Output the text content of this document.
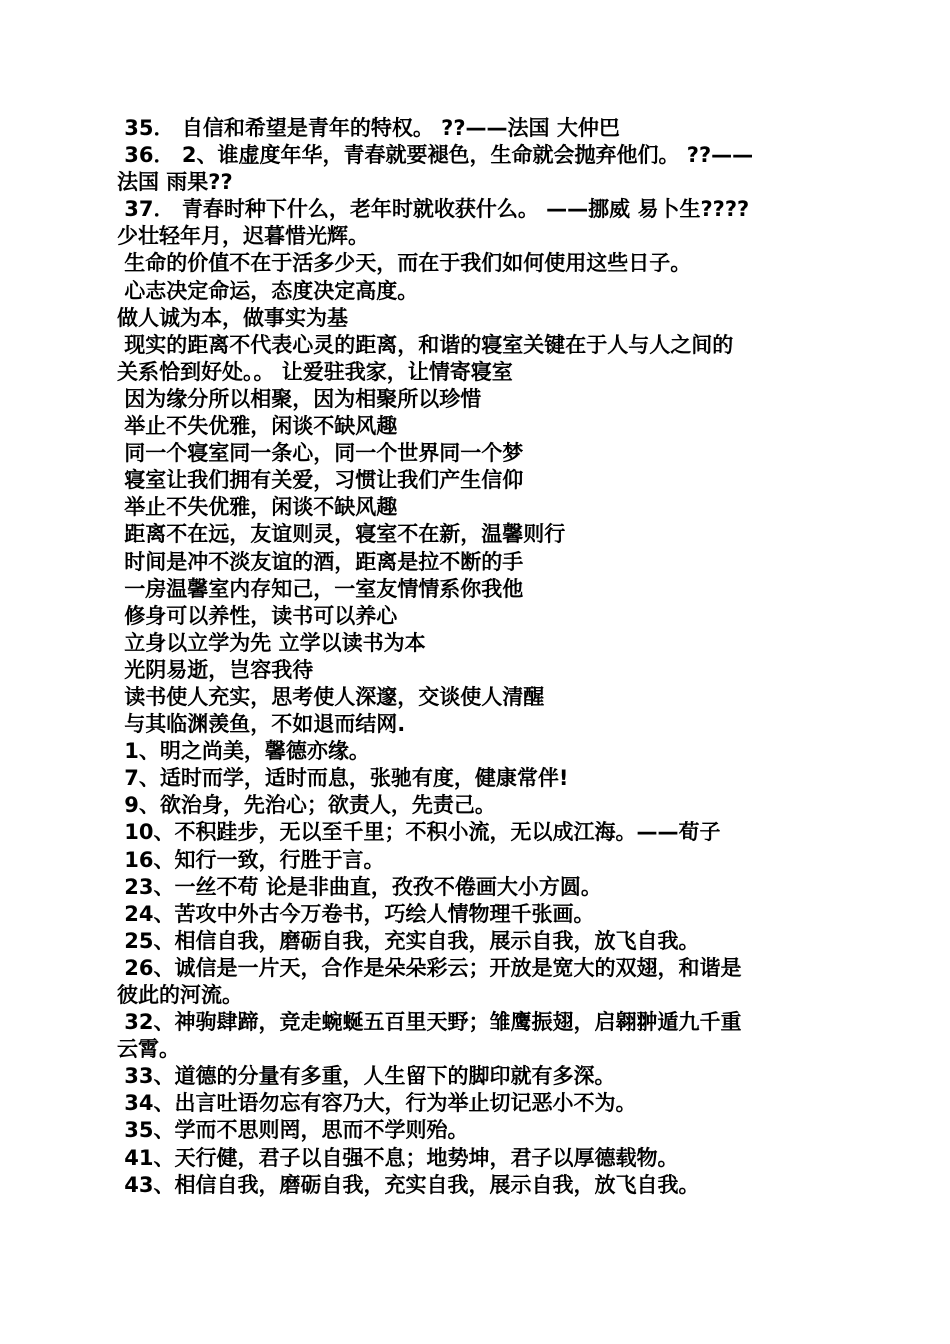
35． 自信和希望是青年的特权。 ??——法国 大仲巴

36． 2、谁虚度年华，青春就要褪色，生命就会抛弃他们。 ??——

法国 雨果??

37． 青春时种下什么，老年时就收获什么。 ——挪威 易卜生????

少壮轻年月，迟暮惜光辉。

生命的价值不在于活多少天，而在于我们如何使用这些日子。

心志决定命运，态度决定高度。

做人诚为本，做事实为基

现实的距离不代表心灵的距离，和谐的寝室关键在于人与人之间的

关系恰到好处。。 让爱驻我家，让情寄寝室

因为缘分所以相聚，因为相聚所以珍惜

举止不失优雅，闲谈不缺风趣

同一个寝室同一条心，同一个世界同一个梦

寝室让我们拥有关爱，习惯让我们产生信仰

举止不失优雅，闲谈不缺风趣

距离不在远，友谊则灵，寝室不在新，温馨则行

时间是冲不淡友谊的酒，距离是拉不断的手

一房温馨室内存知己，一室友情情系你我他

修身可以养性，读书可以养心

立身以立学为先 立学以读书为本

光阴易逝，岂容我待

读书使人充实，思考使人深邃，交谈使人清醒

与其临渊羡鱼，不如退而结网.

1、明之尚美，馨德亦缘。

7、适时而学，适时而息，张驰有度，健康常伴!

9、欲治身，先治心；欲责人，先责己。

10、不积跬步，无以至千里；不积小流，无以成江海。——荀子

16、知行一致，行胜于言。

23、一丝不苟 论是非曲直，孜孜不倦画大小方圆。

24、苦攻中外古今万卷书，巧绘人情物理千张画。

25、相信自我，磨砺自我，充实自我，展示自我，放飞自我。

26、诚信是一片天，合作是朵朵彩云；开放是宽大的双翅，和谐是

彼此的河流。

32、神驹肆蹄，竞走蜿蜒五百里天野；雏鹰振翅，启翱翀遁九千重

云霄。

33、道德的分量有多重，人生留下的脚印就有多深。

34、出言吐语勿忘有容乃大，行为举止切记恶小不为。

35、学而不思则罔，思而不学则殆。

41、天行健，君子以自强不息；地势坤，君子以厚德载物。

43、相信自我，磨砺自我，充实自我，展示自我，放飞自我。
